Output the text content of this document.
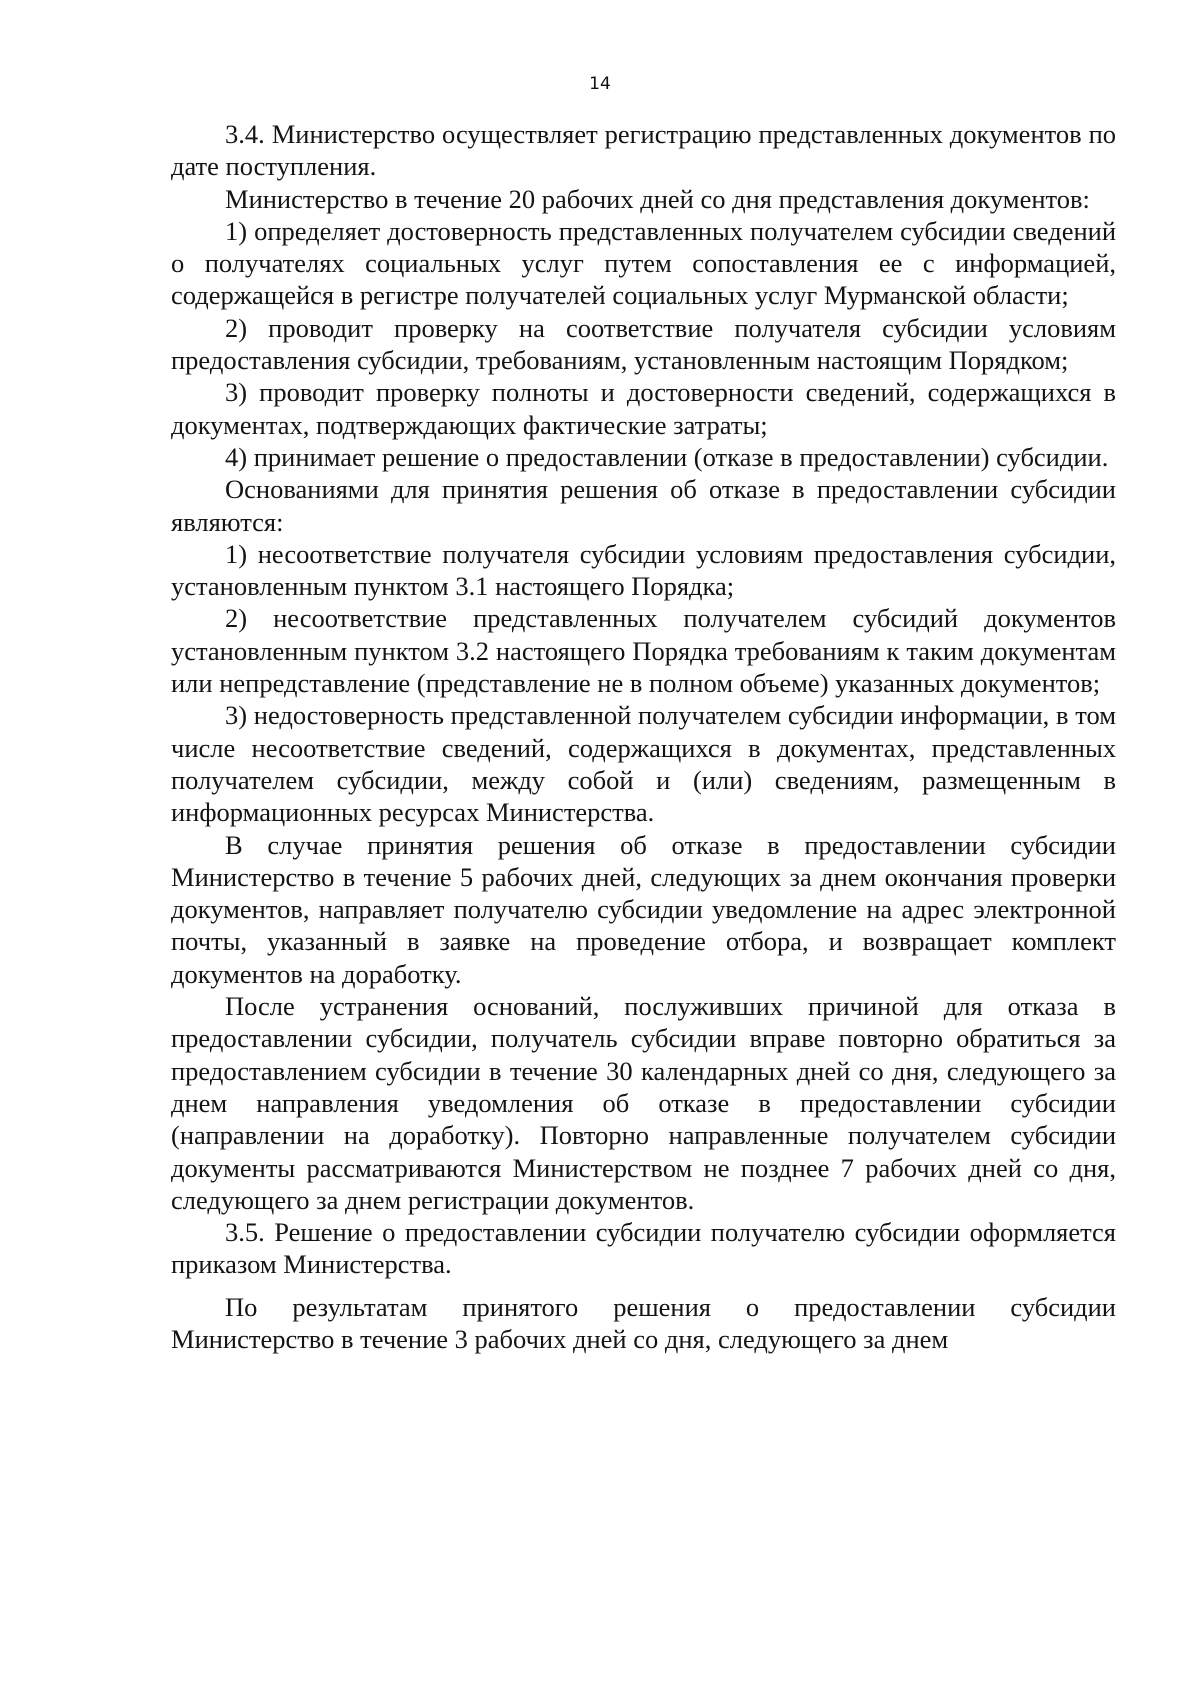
14

3.4. Министерство осуществляет регистрацию представленных документов по дате поступления.

Министерство в течение 20 рабочих дней со дня представления документов:

1) определяет достоверность представленных получателем субсидии сведений о получателях социальных услуг путем сопоставления ее с информацией, содержащейся в регистре получателей социальных услуг Мурманской области;

2) проводит проверку на соответствие получателя субсидии условиям предоставления субсидии, требованиям, установленным настоящим Порядком;

3) проводит проверку полноты и достоверности сведений, содержащихся в документах, подтверждающих фактические затраты;

4) принимает решение о предоставлении (отказе в предоставлении) субсидии.

Основаниями для принятия решения об отказе в предоставлении субсидии являются:

1) несоответствие получателя субсидии условиям предоставления субсидии, установленным пунктом 3.1 настоящего Порядка;

2) несоответствие представленных получателем субсидий документов установленным пунктом 3.2 настоящего Порядка требованиям к таким документам или непредставление (представление не в полном объеме) указанных документов;

3) недостоверность представленной получателем субсидии информации, в том числе несоответствие сведений, содержащихся в документах, представленных получателем субсидии, между собой и (или) сведениям, размещенным в информационных ресурсах Министерства.

В случае принятия решения об отказе в предоставлении субсидии Министерство в течение 5 рабочих дней, следующих за днем окончания проверки документов, направляет получателю субсидии уведомление на адрес электронной почты, указанный в заявке на проведение отбора, и возвращает комплект документов на доработку.

После устранения оснований, послуживших причиной для отказа в предоставлении субсидии, получатель субсидии вправе повторно обратиться за предоставлением субсидии в течение 30 календарных дней со дня, следующего за днем направления уведомления об отказе в предоставлении субсидии (направлении на доработку). Повторно направленные получателем субсидии документы рассматриваются Министерством не позднее 7 рабочих дней со дня, следующего за днем регистрации документов.

3.5. Решение о предоставлении субсидии получателю субсидии оформляется приказом Министерства.

По результатам принятого решения о предоставлении субсидии Министерство в течение 3 рабочих дней со дня, следующего за днем
